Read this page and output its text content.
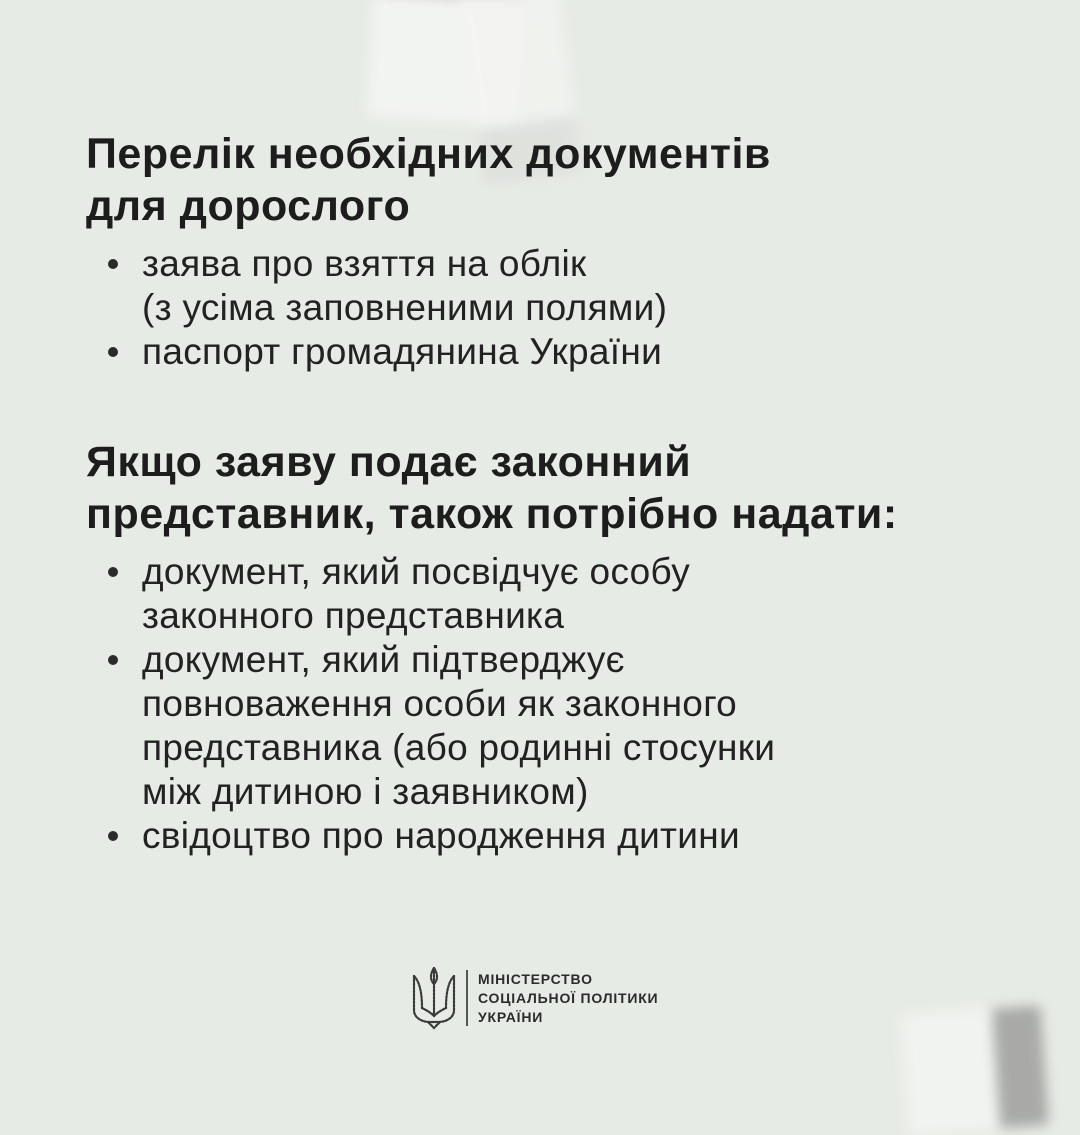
Перелік необхідних документів
для дорослого
заява про взяття на облік
(з усіма заповненими полями)
паспорт громадянина України
Якщо заяву подає законний
представник, також потрібно надати:
документ, який посвідчує особу
законного представника
документ, який підтверджує
повноваження особи як законного
представника (або родинні стосунки
між дитиною і заявником)
свідоцтво про народження дитини
МІНІСТЕРСТВО
СОЦІАЛЬНОЇ ПОЛІТИКИ
УКРАЇНИ
